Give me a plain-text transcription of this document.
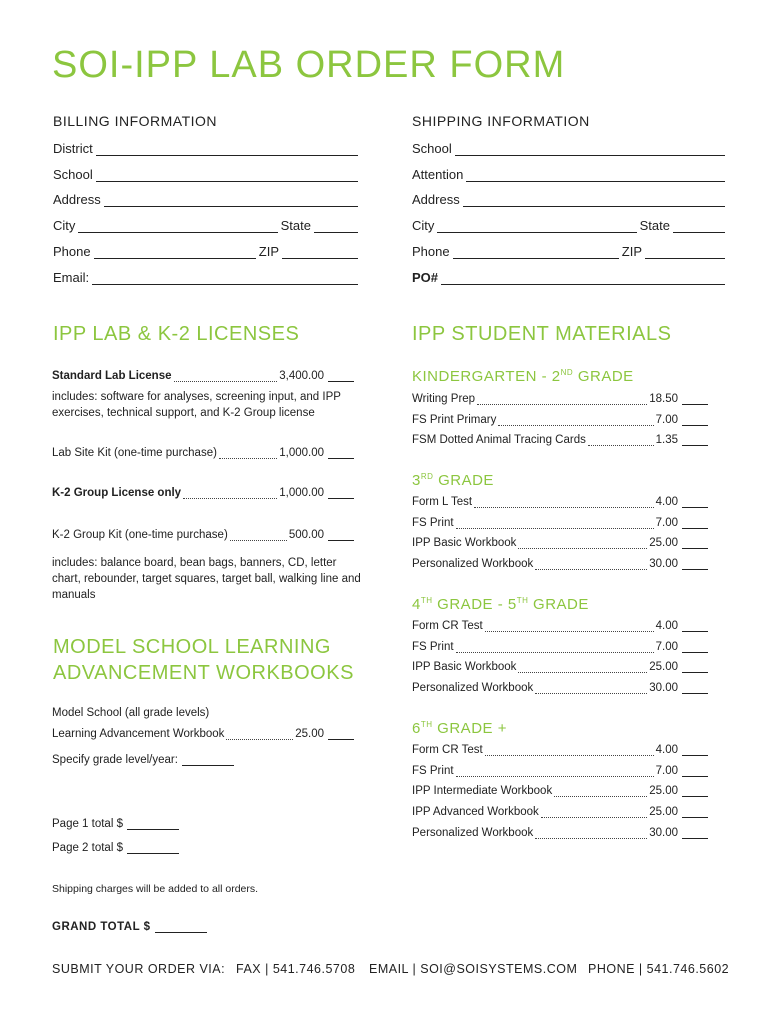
SOI-IPP LAB ORDER FORM
BILLING INFORMATION
District
School
Address
City	State
Phone	ZIP
Email:
SHIPPING INFORMATION
School
Attention
Address
City	State
Phone	ZIP
PO#
IPP LAB & K-2 LICENSES
Standard Lab License	3,400.00
includes: software for analyses, screening input, and IPP exercises, technical support, and K-2 Group license
Lab Site Kit (one-time purchase)	1,000.00
K-2 Group License only	1,000.00
K-2 Group Kit (one-time purchase)	500.00
includes: balance board, bean bags, banners, CD, letter chart, rebounder, target squares, target ball, walking line and manuals
MODEL SCHOOL LEARNING
ADVANCEMENT WORKBOOKS
Model School (all grade levels)
Learning Advancement Workbook	25.00
Specify grade level/year:
Page 1 total $
Page 2 total $
Shipping charges will be added to all orders.
GRAND TOTAL $
IPP STUDENT MATERIALS
KINDERGARTEN - 2ND GRADE
Writing Prep	18.50
FS Print Primary	7.00
FSM Dotted Animal Tracing Cards	1.35
3RD GRADE
Form L Test	4.00
FS Print	7.00
IPP Basic Workbook	25.00
Personalized Workbook	30.00
4TH GRADE - 5TH GRADE
Form CR Test	4.00
FS Print	7.00
IPP Basic Workbook	25.00
Personalized Workbook	30.00
6TH GRADE +
Form CR Test	4.00
FS Print	7.00
IPP Intermediate Workbook	25.00
IPP Advanced Workbook	25.00
Personalized Workbook	30.00
SUBMIT YOUR ORDER VIA: FAX | 541.746.5708 EMAIL | SOI@SOISYSTEMS.COM PHONE | 541.746.5602
